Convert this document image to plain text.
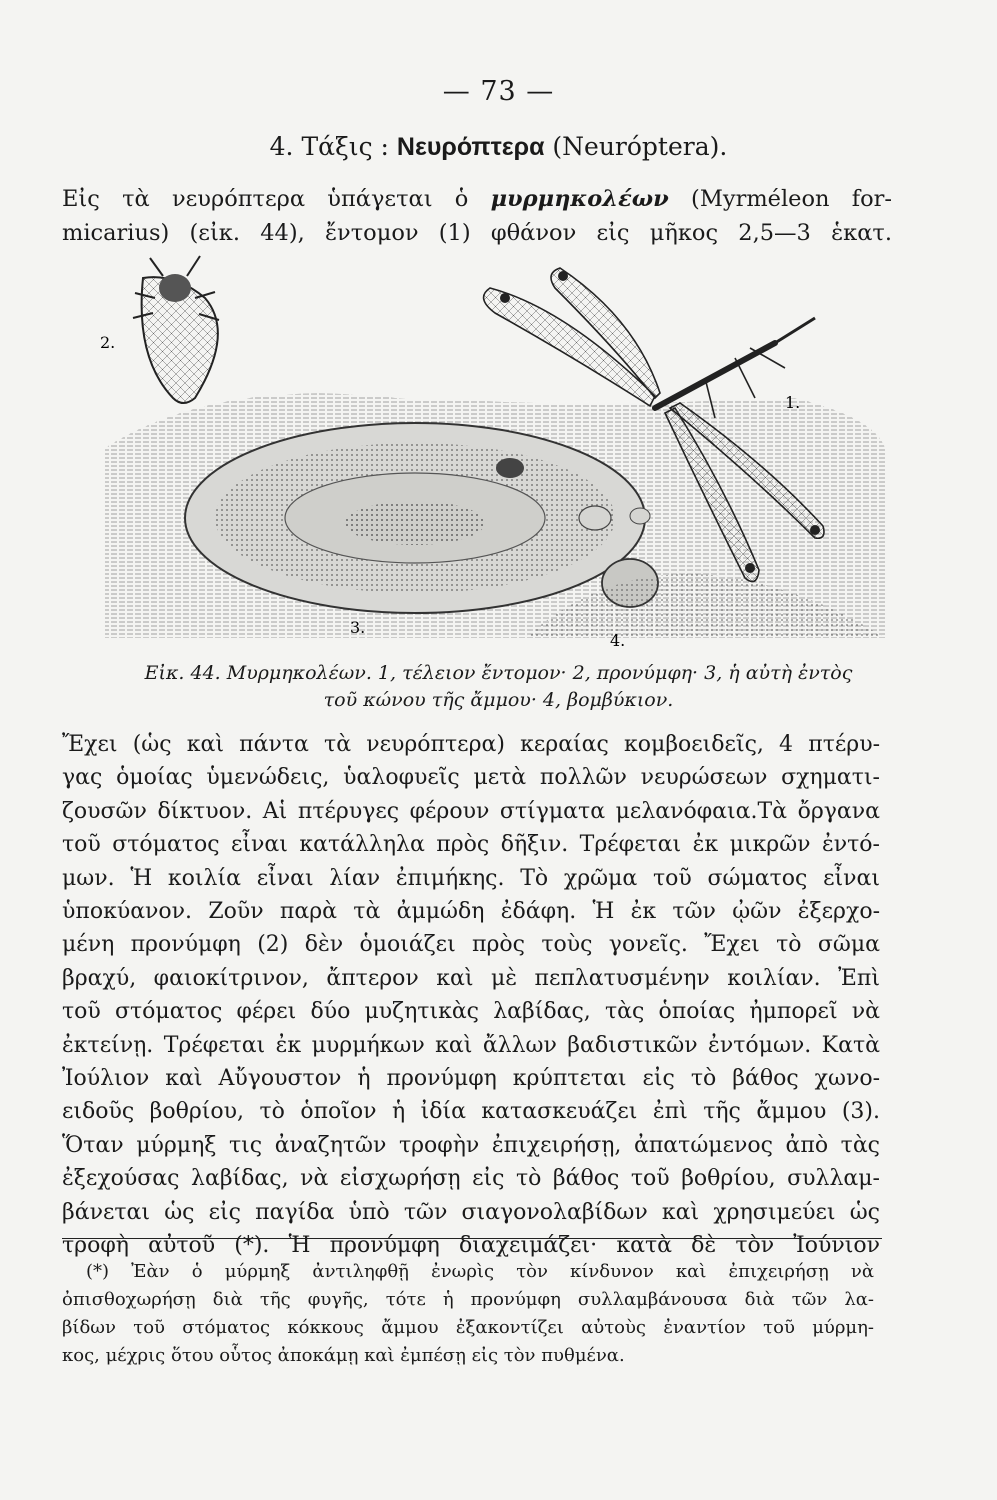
— 73 —
4. Τάξις : Νευρόπτερα (Neuróptera).
Εἰς τὰ νευρόπτερα ὑπάγεται ὁ μυρμηκολέων (Myrméleon for-
micarius) (εἰκ. 44), ἔντομον (1) φθάνον εἰς μῆκος 2,5—3 ἑκατ.
2.
1.
3.
4.
Εἰκ. 44. Μυρμηκολέων. 1, τέλειον ἔντομον· 2, προνύμφη· 3, ἡ αὐτὴ ἐντὸς
τοῦ κώνου τῆς ἄμμου· 4, βομβύκιον.
Ἔχει (ὡς καὶ πάντα τὰ νευρόπτερα) κεραίας κομβοειδεῖς, 4 πτέρυ-
γας ὁμοίας ὑμενώδεις, ὑαλοφυεῖς μετὰ πολλῶν νευρώσεων σχηματι-
ζουσῶν δίκτυον. Αἱ πτέρυγες φέρουν στίγματα μελανόφαια.Τὰ ὄργανα
τοῦ στόματος εἶναι κατάλληλα πρὸς δῆξιν. Τρέφεται ἐκ μικρῶν ἐντό-
μων. Ἡ κοιλία εἶναι λίαν ἐπιμήκης. Τὸ χρῶμα τοῦ σώματος εἶναι
ὑποκύανον. Ζοῦν παρὰ τὰ ἀμμώδη ἐδάφη. Ἡ ἐκ τῶν ᾠῶν ἐξερχο-
μένη προνύμφη (2) δὲν ὁμοιάζει πρὸς τοὺς γονεῖς. Ἔχει τὸ σῶμα
βραχύ, φαιοκίτρινον, ἄπτερον καὶ μὲ πεπλατυσμένην κοιλίαν. Ἐπὶ
τοῦ στόματος φέρει δύο μυζητικὰς λαβίδας, τὰς ὁποίας ἠμπορεῖ νὰ
ἐκτείνῃ. Τρέφεται ἐκ μυρμήκων καὶ ἄλλων βαδιστικῶν ἐντόμων. Κατὰ
Ἰούλιον καὶ Αὔγουστον ἡ προνύμφη κρύπτεται εἰς τὸ βάθος χωνο-
ειδοῦς βοθρίου, τὸ ὁποῖον ἡ ἰδία κατασκευάζει ἐπὶ τῆς ἄμμου (3).
Ὅταν μύρμηξ τις ἀναζητῶν τροφὴν ἐπιχειρήσῃ, ἀπατώμενος ἀπὸ τὰς
ἐξεχούσας λαβίδας, νὰ εἰσχωρήσῃ εἰς τὸ βάθος τοῦ βοθρίου, συλλαμ-
βάνεται ὡς εἰς παγίδα ὑπὸ τῶν σιαγονολαβίδων καὶ χρησιμεύει ὡς
τροφὴ αὐτοῦ (*). Ἡ προνύμφη διαχειμάζει· κατὰ δὲ τὸν Ἰούνιον
(*) Ἐὰν ὁ μύρμηξ ἀντιληφθῇ ἐνωρὶς τὸν κίνδυνον καὶ ἐπιχειρήσῃ νὰ
ὀπισθοχωρήσῃ διὰ τῆς φυγῆς, τότε ἡ προνύμφη συλλαμβάνουσα διὰ τῶν λα-
βίδων τοῦ στόματος κόκκους ἄμμου ἐξακοντίζει αὐτοὺς ἐναντίον τοῦ μύρμη-
κος, μέχρις ὅτου οὗτος ἀποκάμῃ καὶ ἐμπέσῃ εἰς τὸν πυθμένα.
